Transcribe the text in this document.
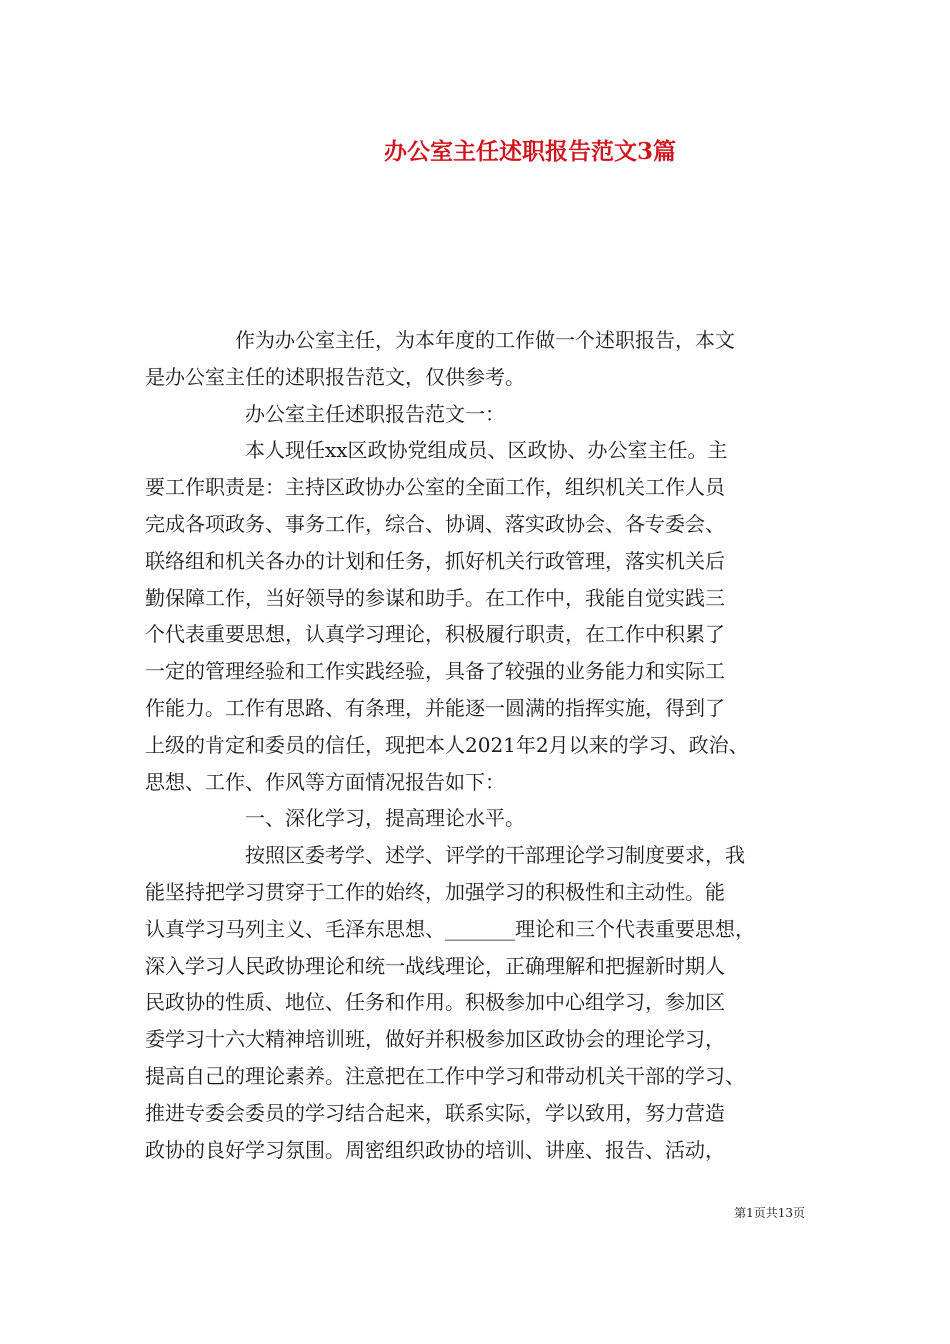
办公室主任述职报告范文3篇
作为办公室主任，为本年度的工作做一个述职报告，本文
是办公室主任的述职报告范文，仅供参考。
办公室主任述职报告范文一：
本人现任xx区政协党组成员、区政协、办公室主任。主
要工作职责是：主持区政协办公室的全面工作，组织机关工作人员
完成各项政务、事务工作，综合、协调、落实政协会、各专委会、
联络组和机关各办的计划和任务，抓好机关行政管理，落实机关后
勤保障工作，当好领导的参谋和助手。在工作中，我能自觉实践三
个代表重要思想，认真学习理论，积极履行职责，在工作中积累了
一定的管理经验和工作实践经验，具备了较强的业务能力和实际工
作能力。工作有思路、有条理，并能逐一圆满的指挥实施，得到了
上级的肯定和委员的信任，现把本人2021年2月以来的学习、政治、
思想、工作、作风等方面情况报告如下：
一、深化学习，提高理论水平。
按照区委考学、述学、评学的干部理论学习制度要求，我
能坚持把学习贯穿于工作的始终，加强学习的积极性和主动性。能
认真学习马列主义、毛泽东思想、_______理论和三个代表重要思想，
深入学习人民政协理论和统一战线理论，正确理解和把握新时期人
民政协的性质、地位、任务和作用。积极参加中心组学习，参加区
委学习十六大精神培训班，做好并积极参加区政协会的理论学习，
提高自己的理论素养。注意把在工作中学习和带动机关干部的学习、
推进专委会委员的学习结合起来，联系实际，学以致用，努力营造
政协的良好学习氛围。周密组织政协的培训、讲座、报告、活动，
第1页共13页
